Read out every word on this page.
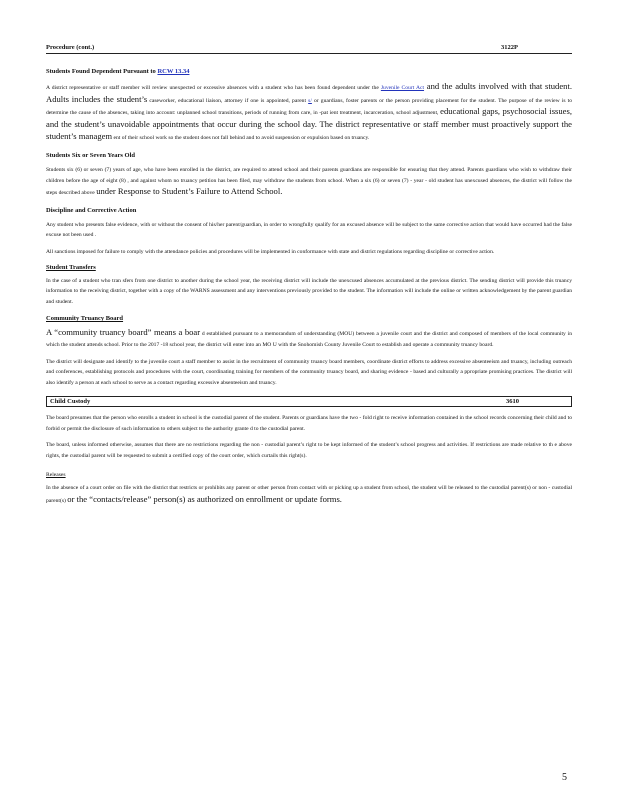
Procedure (cont.)	3122P

Students Found Dependent Pursuant to RCW 13.34

A district representative or staff member will review unexpected or excessive absences with a student who has been found dependent under the Juvenile Court Act and the adults involved with that student. Adults includes the student’s caseworker, educational liaison, attorney if one is appointed, parent s/ or guardians, foster parents or the person providing placement for the student. The purpose of the review is to determine the cause of the absences, taking into account: unplanned school transitions, periods of running from care, in -pat ient treatment, incarceration, school adjustment, educational gaps, psychosocial issues, and the student’s unavoidable appointments that occur during the school day. The district representative or staff member must proactively support the student’s managem ent of their school work so the student does not fall behind and to avoid suspension or expulsion based on truancy.

Students Six or Seven Years Old

Students six (6) or seven (7) years of age, who have been enrolled in the district, are required to attend school and their parents guardians are responsible for ensuring that they attend. Parents guardians who wish to withdraw their children before the age of eight (8) , and against whom no truancy petition has been filed, may withdraw the students from school. When a six (6) or seven (7) - year - old student has unexcused absences, the district will follow the steps described above under Response to Student’s Failure to Attend School.

Discipline and Corrective Action

Any student who presents false evidence, with or without the consent of his/her parent/guardian, in order to wrongfully qualify for an excused absence will be subject to the same corrective action that would have occurred had the false excuse not been used .

All sanctions imposed for failure to comply with the attendance policies and procedures will be implemented in conformance with state and district regulations regarding discipline or corrective action.

Student Transfers

In the case of a student who tran sfers from one district to another during the school year, the receiving district will include the unexcused absences accumulated at the previous district. The sending district will provide this truancy information to the receiving district, together with a copy of the WARNS assessment and any interventions previously provided to the student. The information will include the online or written acknowledgement by the parent guardian and student.

Community Truancy Board

A “community truancy board” means a boar d established pursuant to a memorandum of understanding (MOU) between a juvenile court and the district and composed of members of the local community in which the student attends school. Prior to the 2017 -18 school year, the district will enter into an MO U with the Snohomish County Juvenile Court to establish and operate a community truancy board.

The district will designate and identify to the juvenile court a staff member to assist in the recruitment of community truancy board members, coordinate district efforts to address excessive absenteeism and truancy, including outreach and conferences, establishing protocols and procedures with the court, coordinating training for members of the community truancy board, and sharing evidence - based and culturally a ppropriate promising practices. The district will also identify a person at each school to serve as a contact regarding excessive absenteeism and truancy.

Child Custody	3610

The board presumes that the person who enrolls a student in school is the custodial parent of the student. Parents or guardians have the two - fold right to receive information contained in the school records concerning their child and to forbid or permit the disclosure of such information to others subject to the authority grante d to the custodial parent.

The board, unless informed otherwise, assumes that there are no restrictions regarding the non - custodial parent’s right to be kept informed of the student’s school progress and activities. If restrictions are made relative to th e above rights, the custodial parent will be requested to submit a certified copy of the court order, which curtails this right(s).

Releases

In the absence of a court order on file with the district that restricts or prohibits any parent or other person from contact with or picking up a student from school, the student will be released to the custodial parent(s) or non - custodial parent(s) or the “contacts/release” person(s) as authorized on enrollment or update forms.

5
